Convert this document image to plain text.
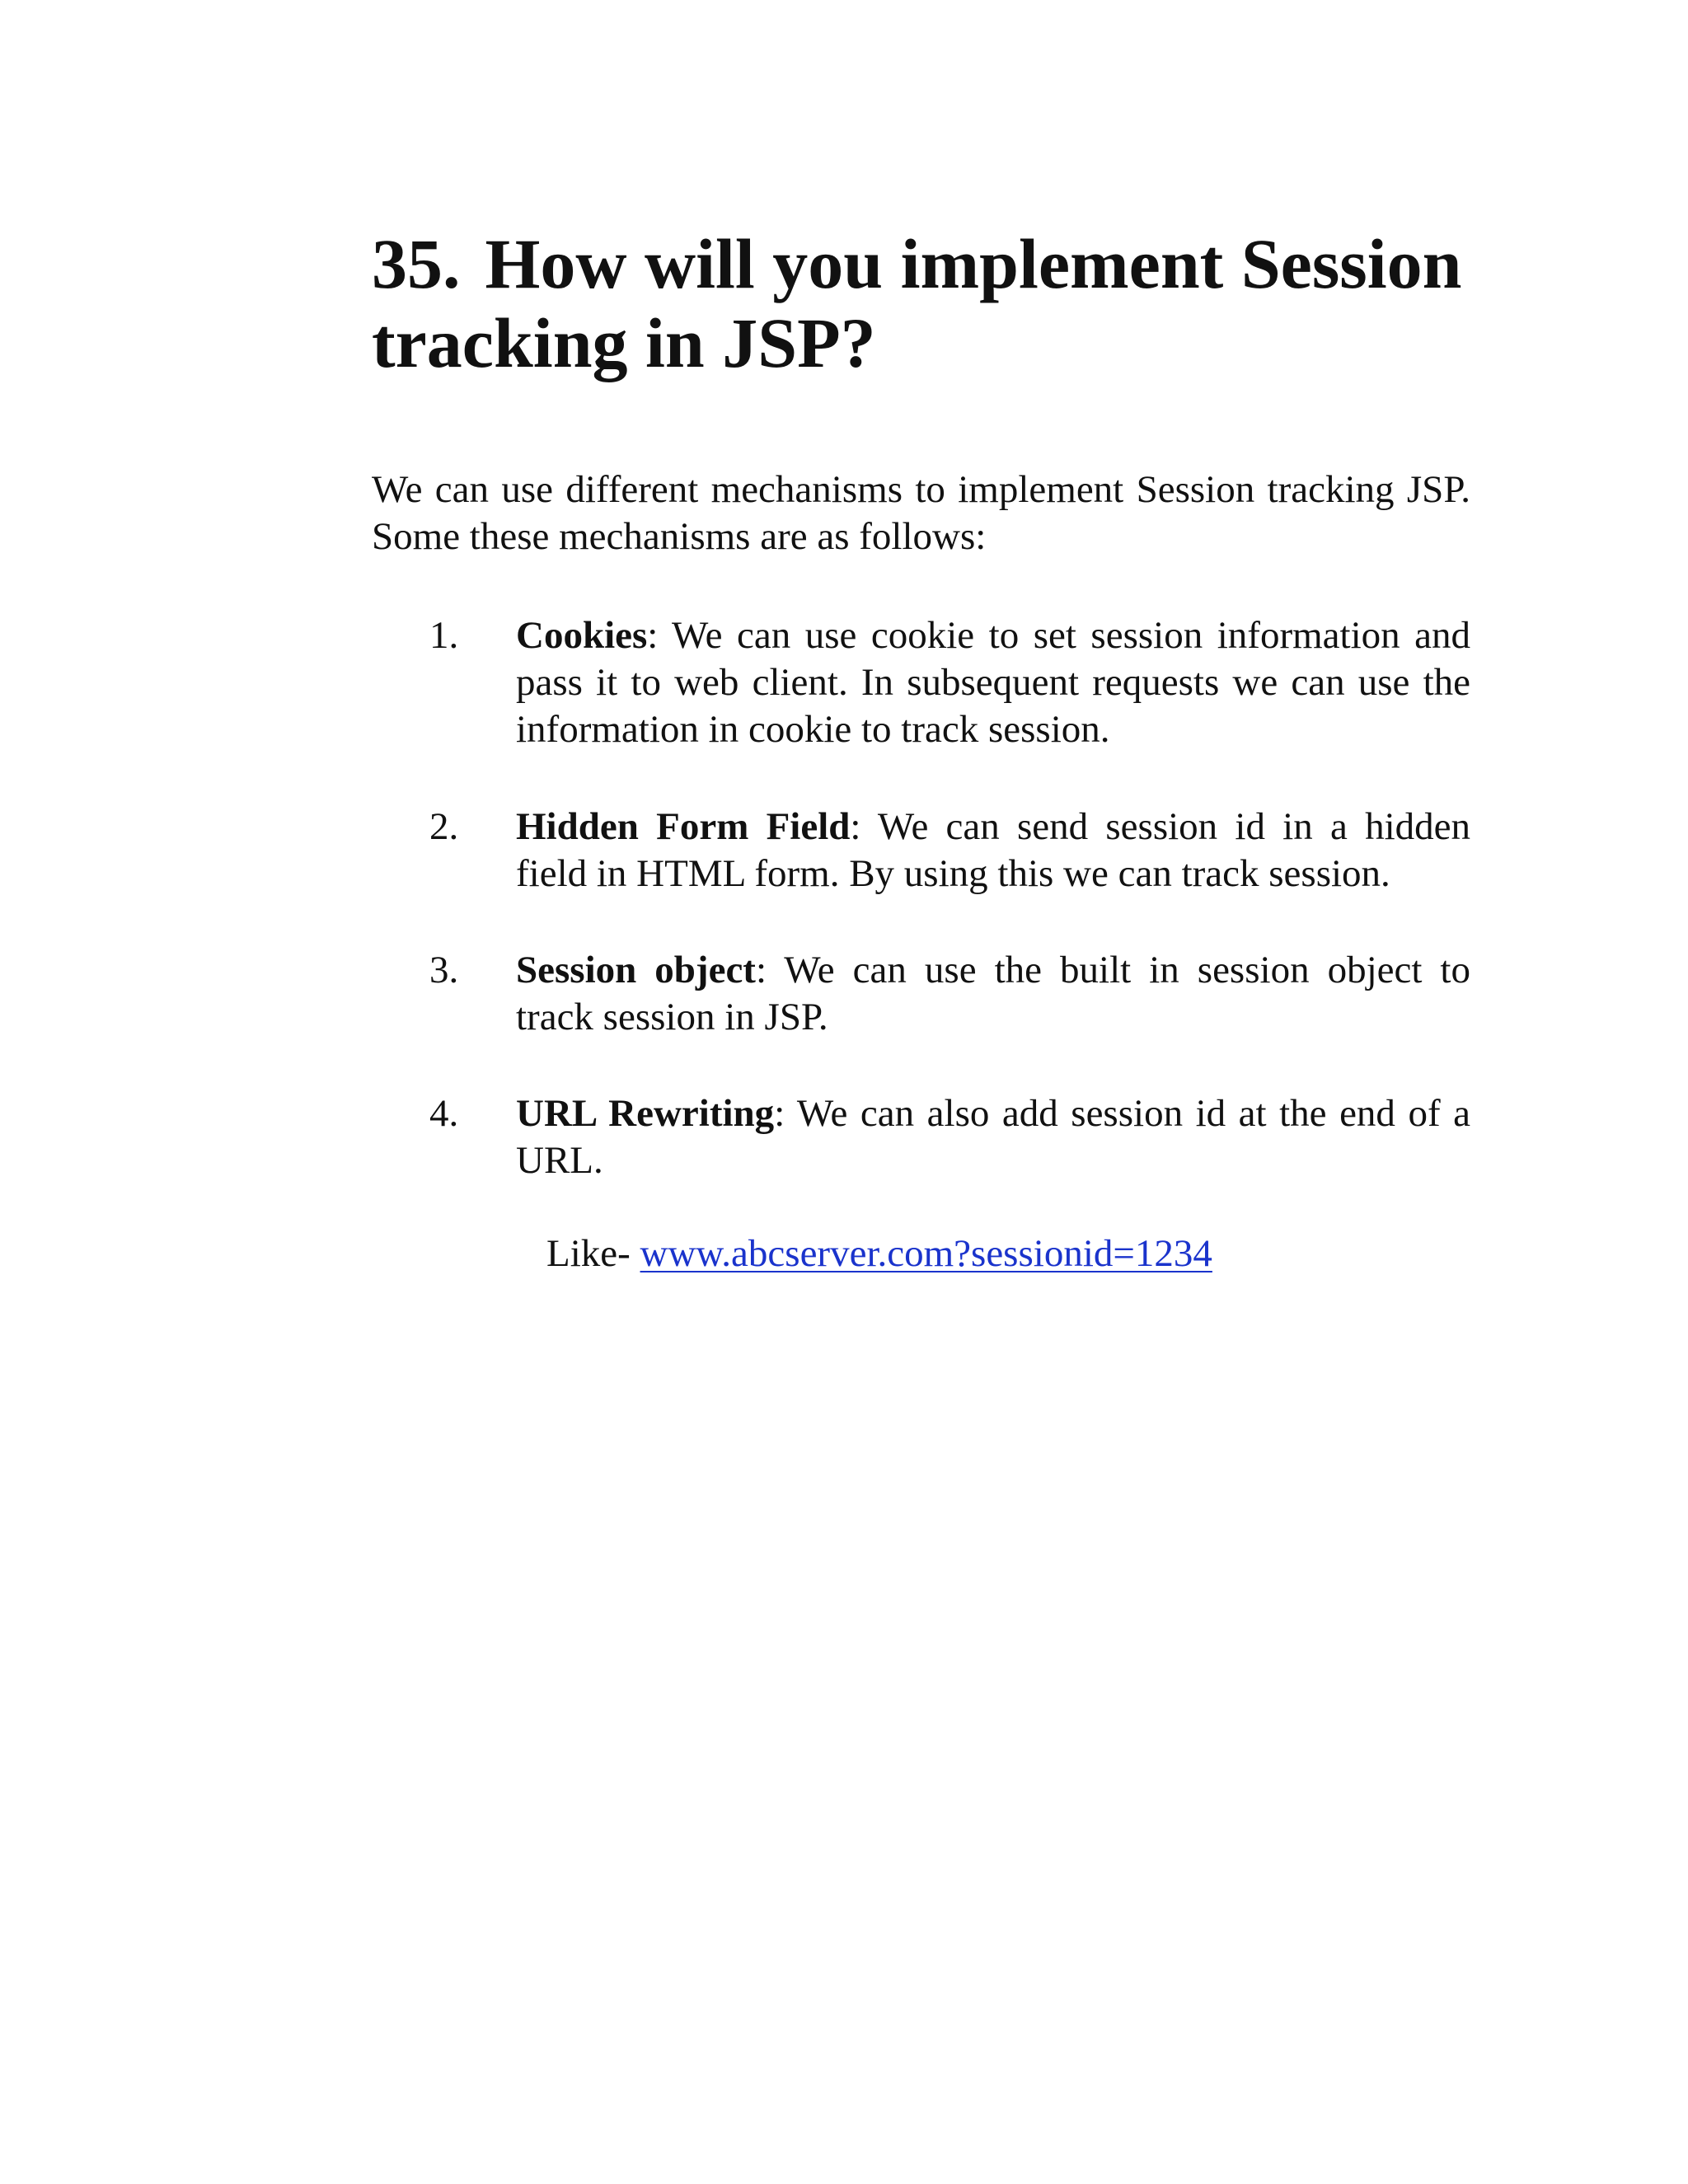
35. How will you implement Session tracking in JSP?

We can use different mechanisms to implement Session tracking JSP. Some these mechanisms are as follows:

1.	Cookies: We can use cookie to set session information and pass it to web client. In subsequent requests we can use the information in cookie to track session.
2.	Hidden Form Field: We can send session id in a hidden field in HTML form. By using this we can track session.
3.	Session object: We can use the built in session object to track session in JSP.
4.	URL Rewriting: We can also add session id at the end of a URL.
Like- www.abcserver.com?sessionid=1234
